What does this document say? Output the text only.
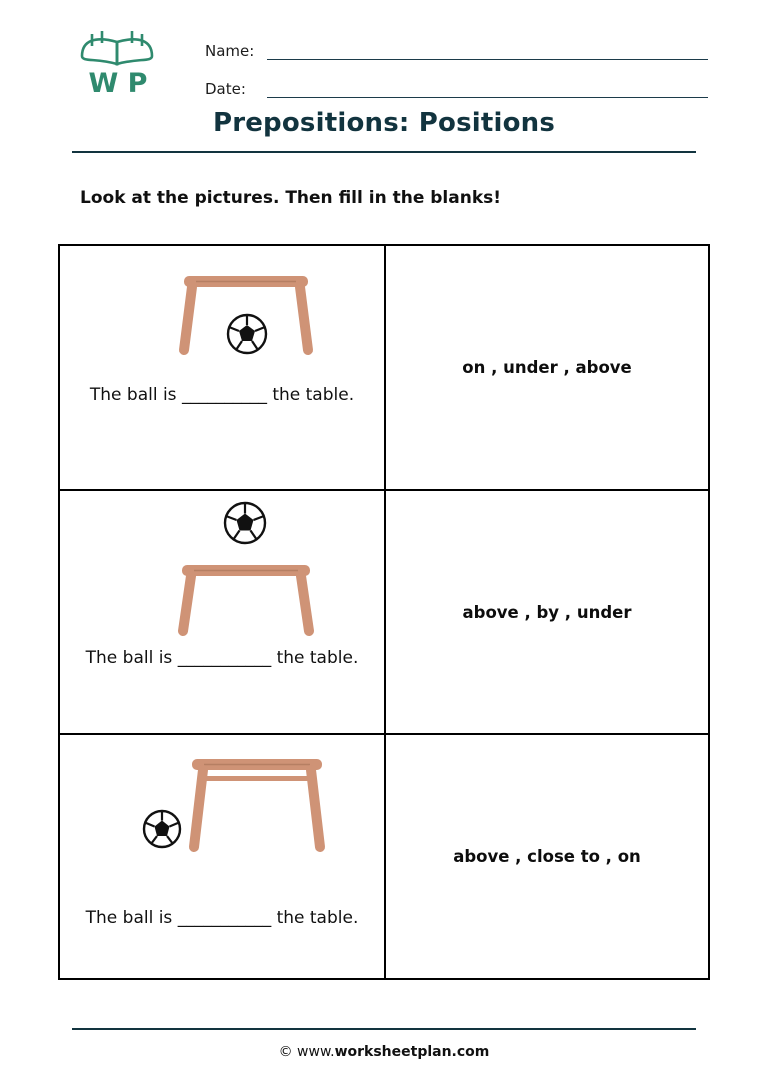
W P
Name:
Date:
Prepositions: Positions
Look at the pictures. Then fill in the blanks!
The ball is __________ the table.
on , under , above
The ball is ___________ the table.
above , by , under
The ball is ___________ the table.
above , close to , on
© www.worksheetplan.com
